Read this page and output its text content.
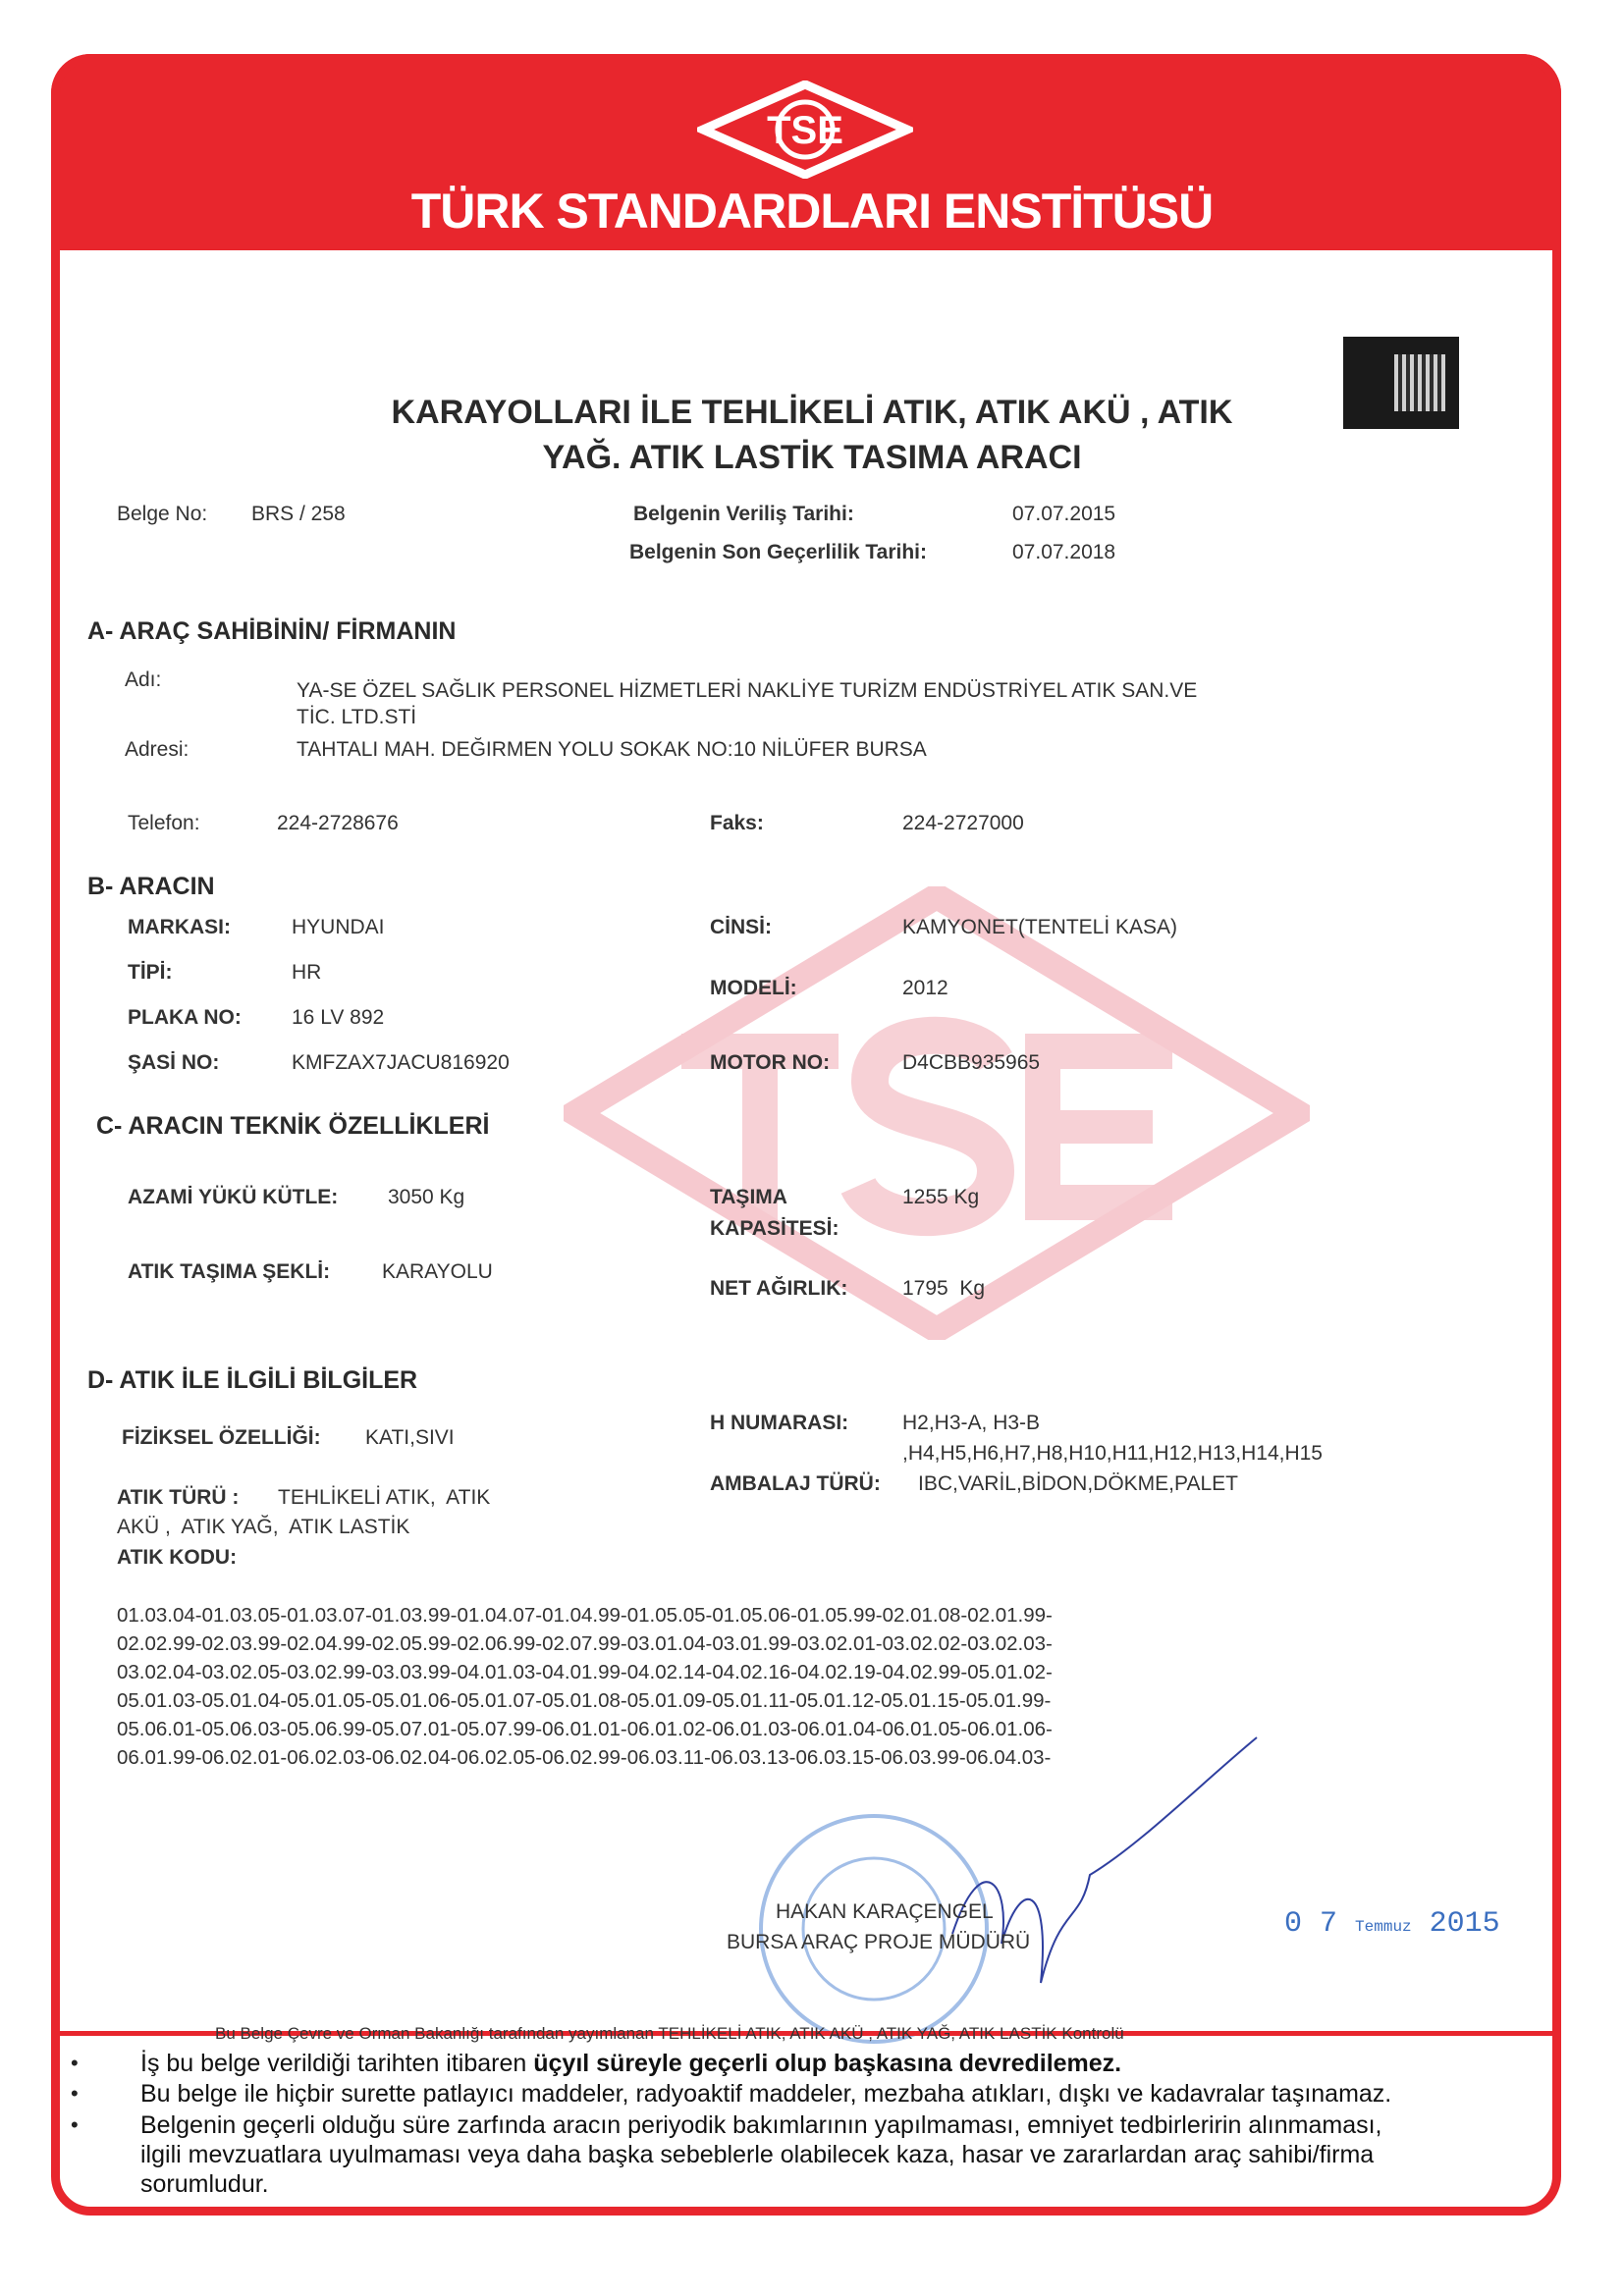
TSE
TÜRK STANDARDLARI ENSTİTÜSÜ
KARAYOLLARI İLE TEHLİKELİ ATIK, ATIK AKÜ , ATIK
YAĞ. ATIK LASTİK TASIMA ARACI
Belge No: BRS / 258	Belgenin Veriliş Tarihi:	07.07.2015
Belgenin Son Geçerlilik Tarihi:	07.07.2018
A- ARAÇ SAHİBİNİN/ FİRMANIN
Adı:	YA-SE ÖZEL SAĞLIK PERSONEL HİZMETLERİ NAKLİYE TURİZM ENDÜSTRİYEL ATIK SAN.VE
TİC. LTD.STİ
Adresi:	TAHTALI MAH. DEĞIRMEN YOLU SOKAK NO:10 NİLÜFER BURSA
Telefon:	224-2728676	Faks:	224-2727000
B- ARACIN
MARKASI:	HYUNDAI
TİPİ:	HR
PLAKA NO: 16 LV 892
ŞASİ NO:	KMFZAX7JACU816920
CİNSİ:	KAMYONET(TENTELİ KASA)
MODELİ:	2012
MOTOR NO:	D4CBB935965
C- ARACIN TEKNİK ÖZELLİKLERİ
AZAMİ YÜKÜ KÜTLE: 3050 Kg	TAŞIMA
KAPASİTESİ:
1255 Kg
ATIK TAŞIMA ŞEKLİ:	KARAYOLU
NET AĞIRLIK:	1795  Kg
D- ATIK İLE İLGİLİ BİLGİLER
FİZİKSEL ÖZELLİĞİ: KATI,SIVI
H NUMARASI:	H2,H3-A, H3-B
,H4,H5,H6,H7,H8,H10,H11,H12,H13,H14,H15
AMBALAJ TÜRÜ: IBC,VARİL,BİDON,DÖKME,PALET
ATIK TÜRÜ : TEHLİKELİ ATIK,  ATIK
AKÜ ,  ATIK YAĞ,  ATIK LASTİK
ATIK KODU:
01.03.04-01.03.05-01.03.07-01.03.99-01.04.07-01.04.99-01.05.05-01.05.06-01.05.99-02.01.08-02.01.99-
02.02.99-02.03.99-02.04.99-02.05.99-02.06.99-02.07.99-03.01.04-03.01.99-03.02.01-03.02.02-03.02.03-
03.02.04-03.02.05-03.02.99-03.03.99-04.01.03-04.01.99-04.02.14-04.02.16-04.02.19-04.02.99-05.01.02-
05.01.03-05.01.04-05.01.05-05.01.06-05.01.07-05.01.08-05.01.09-05.01.11-05.01.12-05.01.15-05.01.99-
05.06.01-05.06.03-05.06.99-05.07.01-05.07.99-06.01.01-06.01.02-06.01.03-06.01.04-06.01.05-06.01.06-
06.01.99-06.02.01-06.02.03-06.02.04-06.02.05-06.02.99-06.03.11-06.03.13-06.03.15-06.03.99-06.04.03-
HAKAN KARAÇENGEL
BURSA ARAÇ PROJE MÜDÜRÜ
0 7 Temmuz 2015
Bu Belge Çevre ve Orman Bakanlığı tarafından yayımlanan TEHLİKELİ ATIK, ATIK AKÜ , ATIK YAĞ, ATIK LASTİK Kontrolü
•	İş bu belge verildiği tarihten itibaren üçyıl süreyle geçerli olup başkasına devredilemez.
•	Bu belge ile hiçbir surette patlayıcı maddeler, radyoaktif maddeler, mezbaha atıkları, dışkı ve kadavralar taşınamaz.
•	Belgenin geçerli olduğu süre zarfında aracın periyodik bakımlarının yapılmaması, emniyet tedbirleririn alınmaması,
ilgili mevzuatlara uyulmaması veya daha başka sebeblerle olabilecek kaza, hasar ve zararlardan araç sahibi/firma
sorumludur.
